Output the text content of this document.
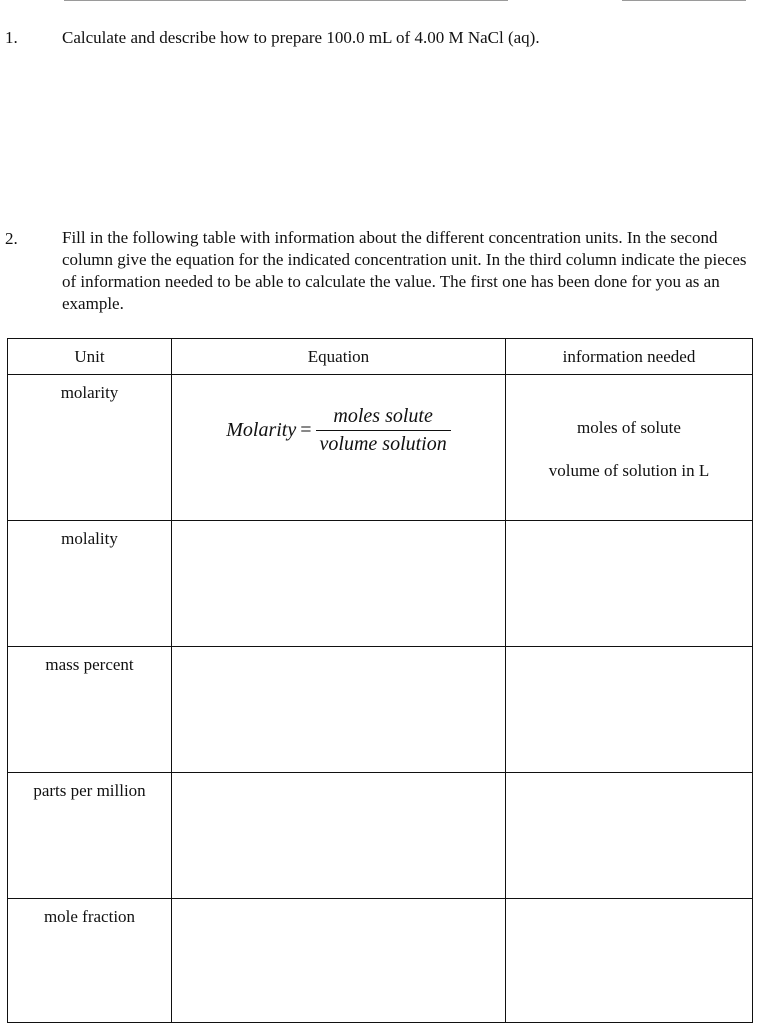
1.	Calculate and describe how to prepare 100.0 mL of 4.00 M NaCl (aq).
2.	Fill in the following table with information about the different concentration units. In the second column give the equation for the indicated concentration unit. In the third column indicate the pieces of information needed to be able to calculate the value. The first one has been done for you as an example.
Unit	Equation	information needed
molarity	Molarity = $\frac{\text{moles solute}}{\text{volume solution}}$	moles of solute
volume of solution in L

molality		
mass percent		
parts per million		
mole fraction		
